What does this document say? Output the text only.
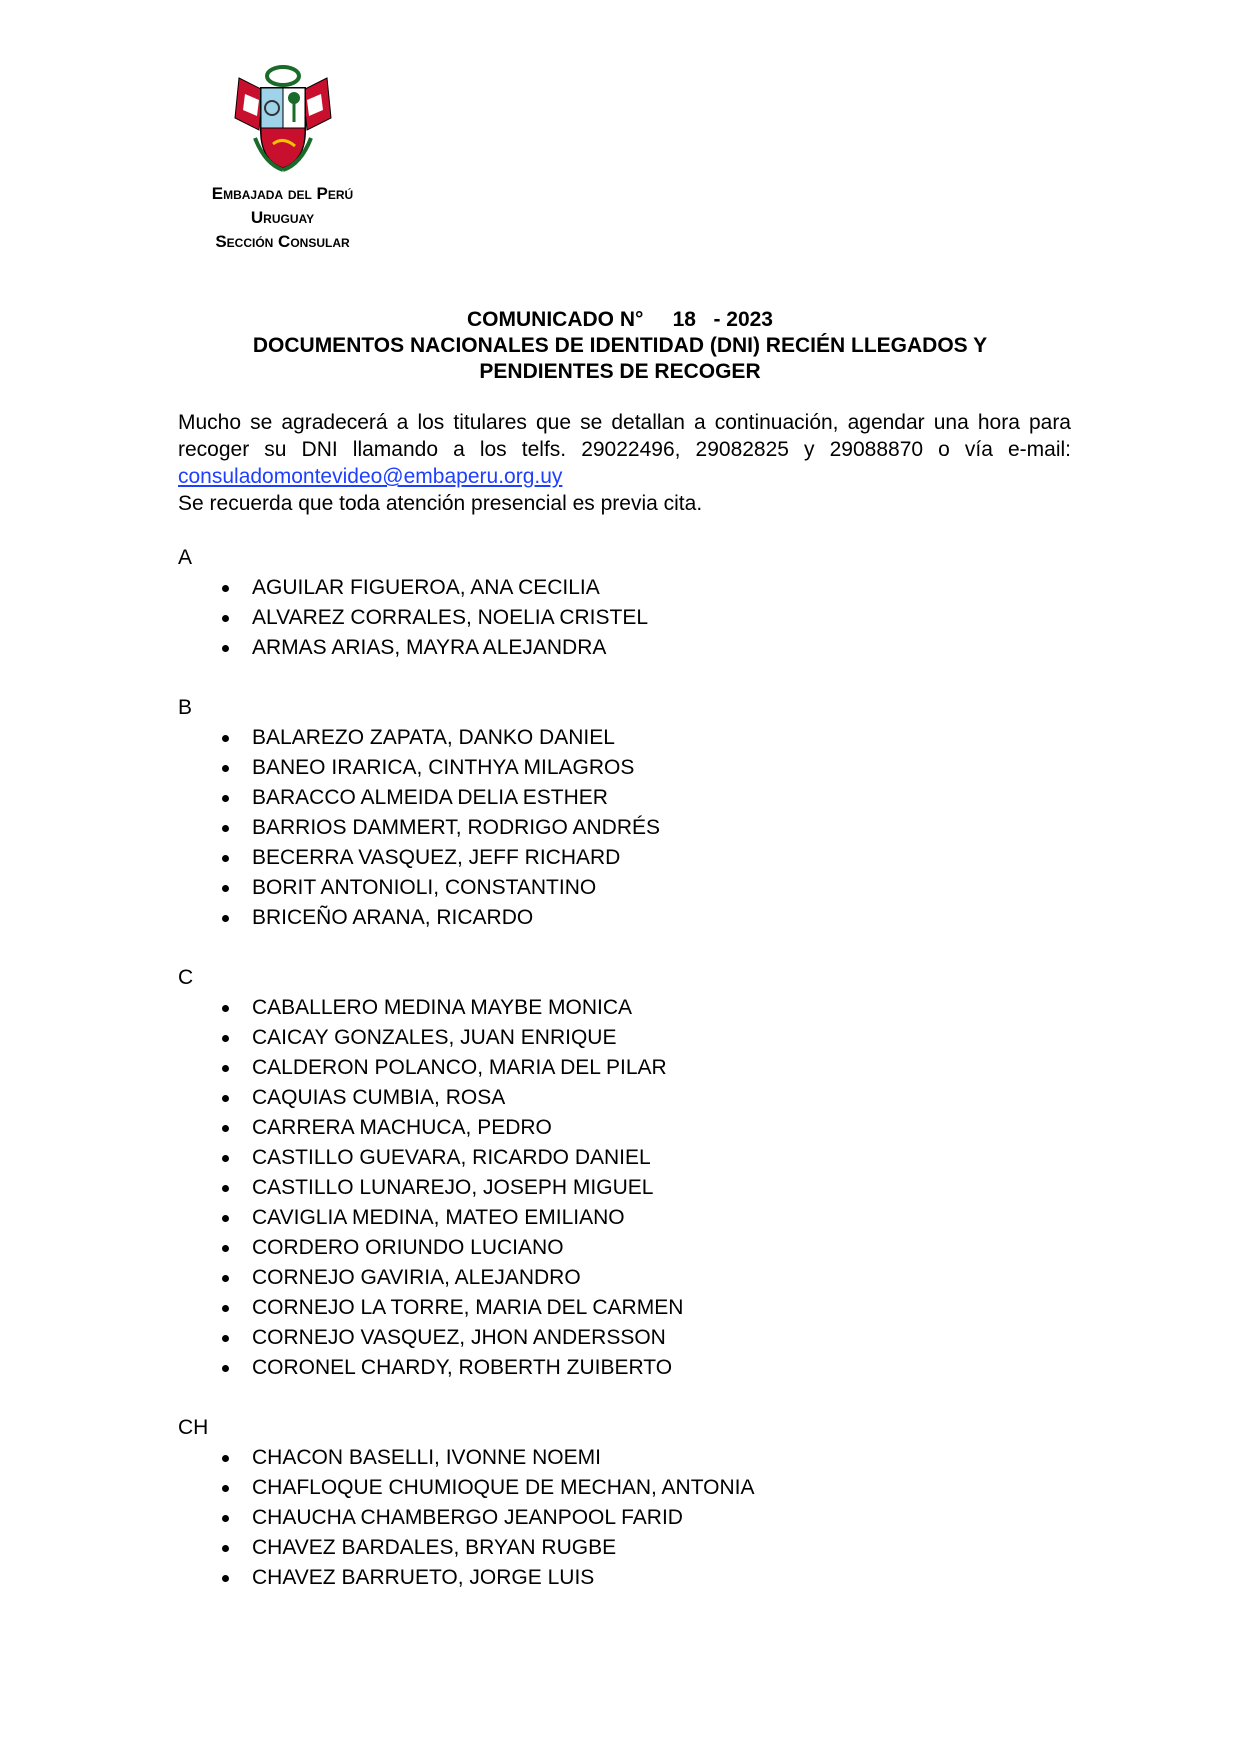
Embajada del Perú
Uruguay
Sección Consular
COMUNICADO N°     18   - 2023
DOCUMENTOS NACIONALES DE IDENTIDAD (DNI) RECIÉN LLEGADOS Y
PENDIENTES DE RECOGER

Mucho se agradecerá a los titulares que se detallan a continuación, agendar una hora para recoger su DNI llamando a los telfs. 29022496, 29082825 y 29088870 o vía e-mail: consuladomontevideo@embaperu.org.uy

Se recuerda que toda atención presencial es previa cita.

A
AGUILAR FIGUEROA, ANA CECILIA
ALVAREZ CORRALES, NOELIA CRISTEL
ARMAS ARIAS, MAYRA ALEJANDRA
B
BALAREZO ZAPATA, DANKO DANIEL
BANEO IRARICA, CINTHYA MILAGROS
BARACCO ALMEIDA DELIA ESTHER
BARRIOS DAMMERT, RODRIGO ANDRÉS
BECERRA VASQUEZ, JEFF RICHARD
BORIT ANTONIOLI, CONSTANTINO
BRICEÑO ARANA, RICARDO
C
CABALLERO MEDINA MAYBE MONICA
CAICAY GONZALES, JUAN ENRIQUE
CALDERON POLANCO, MARIA DEL PILAR
CAQUIAS CUMBIA, ROSA
CARRERA MACHUCA, PEDRO
CASTILLO GUEVARA, RICARDO DANIEL
CASTILLO LUNAREJO, JOSEPH MIGUEL
CAVIGLIA MEDINA, MATEO EMILIANO
CORDERO ORIUNDO LUCIANO
CORNEJO GAVIRIA, ALEJANDRO
CORNEJO LA TORRE, MARIA DEL CARMEN
CORNEJO VASQUEZ, JHON ANDERSSON
CORONEL CHARDY, ROBERTH ZUIBERTO
CH
CHACON BASELLI, IVONNE NOEMI
CHAFLOQUE CHUMIOQUE DE MECHAN, ANTONIA
CHAUCHA CHAMBERGO JEANPOOL FARID
CHAVEZ BARDALES, BRYAN RUGBE
CHAVEZ BARRUETO, JORGE LUIS
